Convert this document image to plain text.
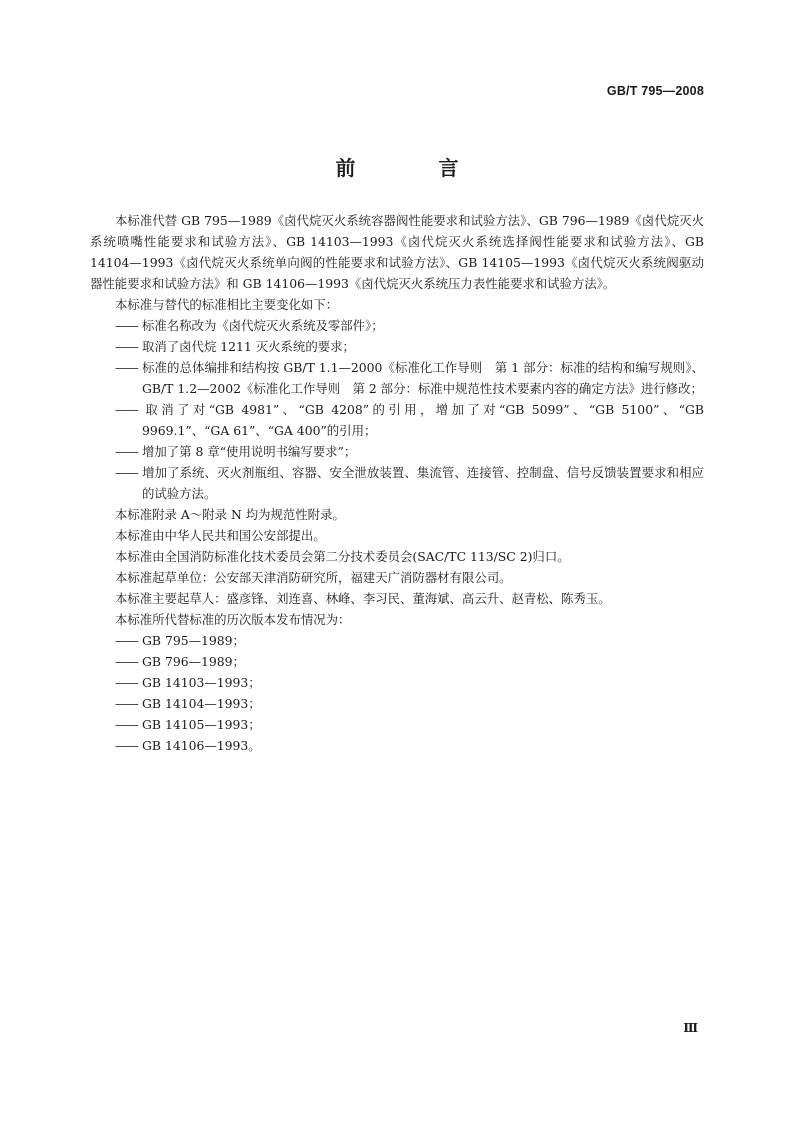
GB/T 795—2008
前 言

本标准代替 GB 795—1989《卤代烷灭火系统容器阀性能要求和试验方法》、GB 796—1989《卤代烷灭火系统喷嘴性能要求和试验方法》、GB 14103—1993《卤代烷灭火系统选择阀性能要求和试验方法》、GB 14104—1993《卤代烷灭火系统单向阀的性能要求和试验方法》、GB 14105—1993《卤代烷灭火系统阀驱动器性能要求和试验方法》和 GB 14106—1993《卤代烷灭火系统压力表性能要求和试验方法》。

本标准与替代的标准相比主要变化如下：

—— 标准名称改为《卤代烷灭火系统及零部件》；

—— 取消了卤代烷 1211 灭火系统的要求；

—— 标准的总体编排和结构按 GB/T 1.1—2000《标准化工作导则　第 1 部分：标准的结构和编写规则》、GB/T 1.2—2002《标准化工作导则　第 2 部分：标准中规范性技术要素内容的确定方法》进行修改；

—— 取消了对“GB 4981”、“GB 4208”的引用，增加了对“GB 5099”、“GB 5100”、“GB 9969.1”、“GA 61”、“GA 400”的引用；

—— 增加了第 8 章“使用说明书编写要求”；

—— 增加了系统、灭火剂瓶组、容器、安全泄放装置、集流管、连接管、控制盘、信号反馈装置要求和相应的试验方法。

本标准附录 A～附录 N 均为规范性附录。

本标准由中华人民共和国公安部提出。

本标准由全国消防标准化技术委员会第二分技术委员会(SAC/TC 113/SC 2)归口。

本标准起草单位：公安部天津消防研究所，福建天广消防器材有限公司。

本标准主要起草人：盛彦锋、刘连喜、林峰、李习民、董海斌、高云升、赵青松、陈秀玉。

本标准所代替标准的历次版本发布情况为：

—— GB 795—1989；

—— GB 796—1989；

—— GB 14103—1993；

—— GB 14104—1993；

—— GB 14105—1993；

—— GB 14106—1993。

Ⅲ
